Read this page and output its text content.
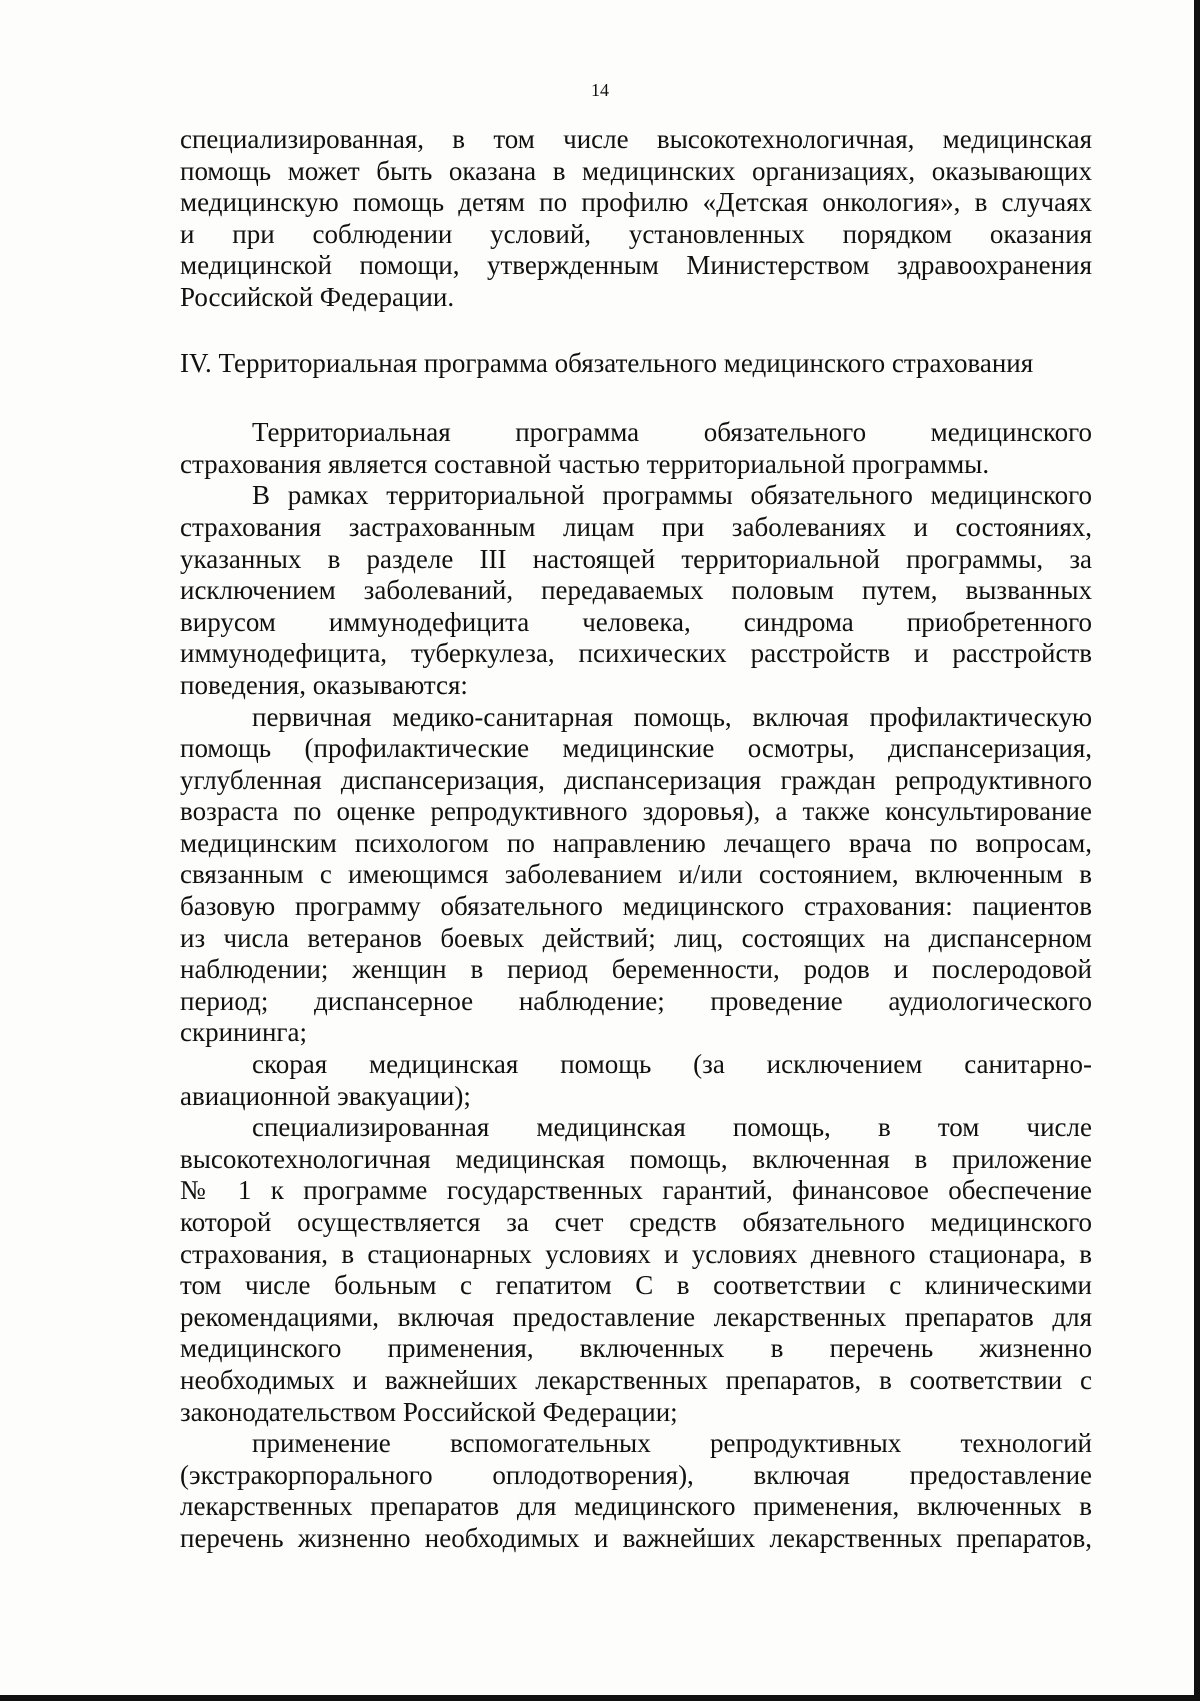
14
специализированная, в том числе высокотехнологичная, медицинская
помощь может быть оказана в медицинских организациях, оказывающих
медицинскую помощь детям по профилю «Детская онкология», в случаях
и при соблюдении условий, установленных порядком оказания
медицинской помощи, утвержденным Министерством здравоохранения
Российской Федерации.
IV. Территориальная программа обязательного медицинского страхования
Территориальная программа обязательного медицинского
страхования является составной частью территориальной программы.
В рамках территориальной программы обязательного медицинского
страхования застрахованным лицам при заболеваниях и состояниях,
указанных в разделе III настоящей территориальной программы, за
исключением заболеваний, передаваемых половым путем, вызванных
вирусом иммунодефицита человека, синдрома приобретенного
иммунодефицита, туберкулеза, психических расстройств и расстройств
поведения, оказываются:
первичная медико-санитарная помощь, включая профилактическую
помощь (профилактические медицинские осмотры, диспансеризация,
углубленная диспансеризация, диспансеризация граждан репродуктивного
возраста по оценке репродуктивного здоровья), а также консультирование
медицинским психологом по направлению лечащего врача по вопросам,
связанным с имеющимся заболеванием и/или состоянием, включенным в
базовую программу обязательного медицинского страхования: пациентов
из числа ветеранов боевых действий; лиц, состоящих на диспансерном
наблюдении; женщин в период беременности, родов и послеродовой
период; диспансерное наблюдение; проведение аудиологического
скрининга;
скорая медицинская помощь (за исключением санитарно-
авиационной эвакуации);
специализированная медицинская помощь, в том числе
высокотехнологичная медицинская помощь, включенная в приложение
№ 1 к программе государственных гарантий, финансовое обеспечение
которой осуществляется за счет средств обязательного медицинского
страхования, в стационарных условиях и условиях дневного стационара, в
том числе больным с гепатитом С в соответствии с клиническими
рекомендациями, включая предоставление лекарственных препаратов для
медицинского применения, включенных в перечень жизненно
необходимых и важнейших лекарственных препаратов, в соответствии с
законодательством Российской Федерации;
применение вспомогательных репродуктивных технологий
(экстракорпорального оплодотворения), включая предоставление
лекарственных препаратов для медицинского применения, включенных в
перечень жизненно необходимых и важнейших лекарственных препаратов,
